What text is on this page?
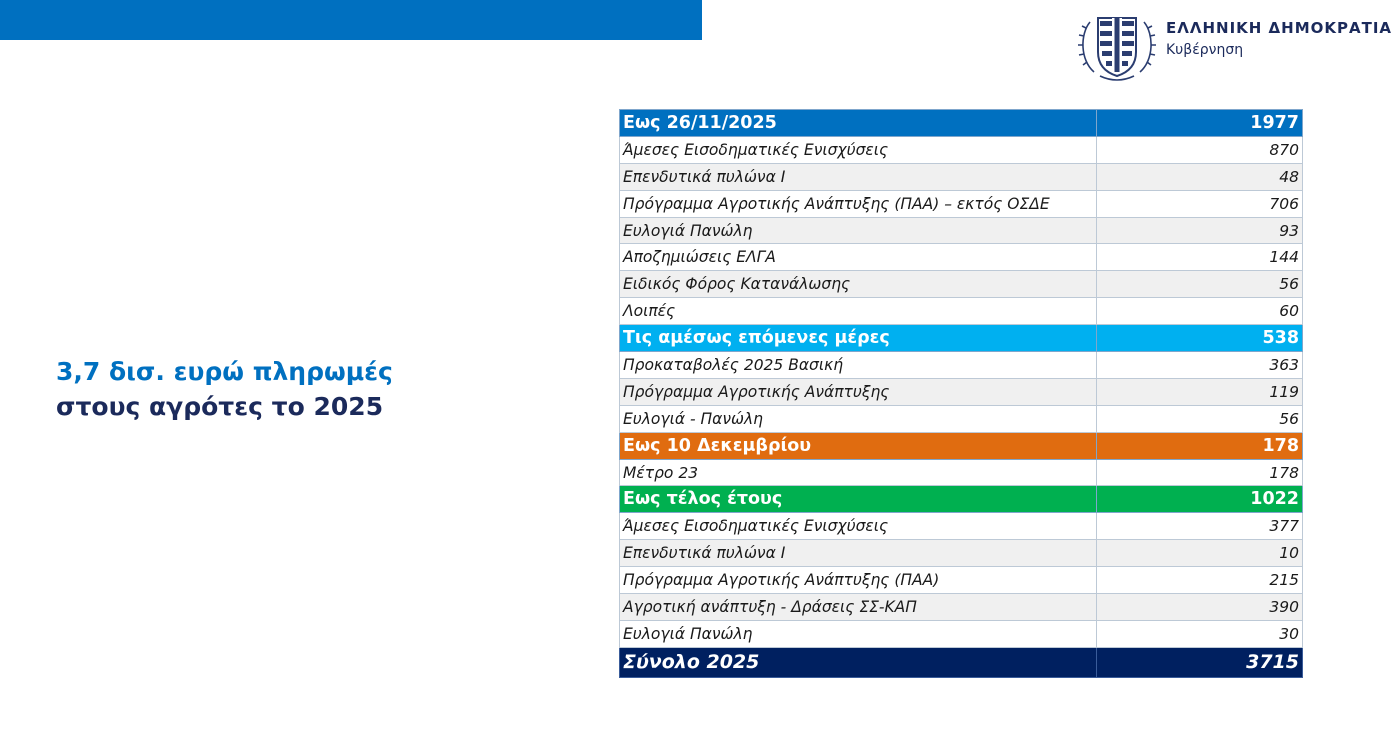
ΕΛΛΗΝΙΚΗ ΔΗΜΟΚΡΑΤΙΑ
Κυβέρνηση
3,7 δισ. ευρώ πληρωμές
στους αγρότες το 2025
Εως 26/11/2025	1977
Άμεσες Εισοδηματικές Ενισχύσεις	870
Επενδυτικά πυλώνα Ι	48
Πρόγραμμα Αγροτικής Ανάπτυξης (ΠΑΑ) – εκτός ΟΣΔΕ	706
Ευλογιά Πανώλη	93
Αποζημιώσεις ΕΛΓΑ	144
Ειδικός Φόρος Κατανάλωσης	56
Λοιπές	60
Τις αμέσως επόμενες μέρες	538
Προκαταβολές 2025 Βασική	363
Πρόγραμμα Αγροτικής Ανάπτυξης	119
Ευλογιά - Πανώλη	56
Εως 10 Δεκεμβρίου	178
Μέτρο 23	178
Εως τέλος έτους	1022
Άμεσες Εισοδηματικές Ενισχύσεις	377
Επενδυτικά πυλώνα Ι	10
Πρόγραμμα Αγροτικής Ανάπτυξης (ΠΑΑ)	215
Αγροτική ανάπτυξη - Δράσεις ΣΣ-ΚΑΠ	390
Ευλογιά Πανώλη	30
Σύνολο 2025	3715
